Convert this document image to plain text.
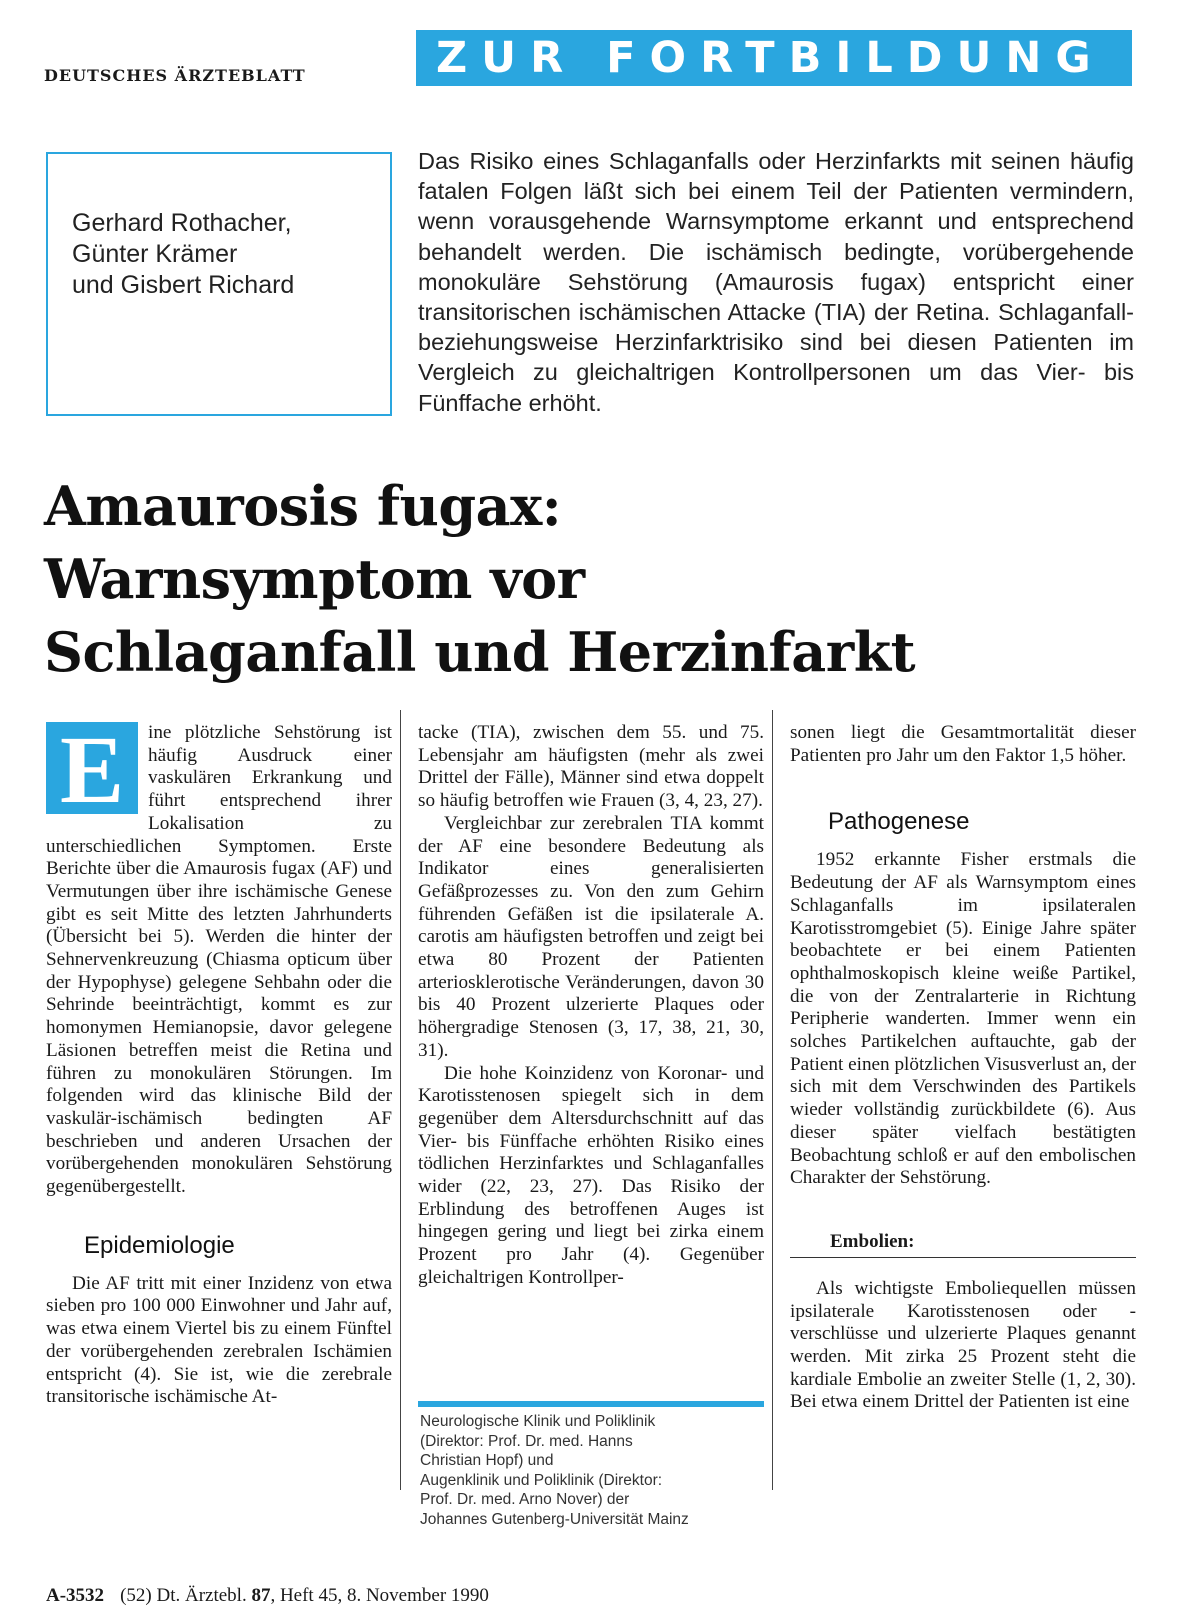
DEUTSCHES ÄRZTEBLATT	ZUR FORTBILDUNG
Gerhard Rothacher,
Günter Krämer
und Gisbert Richard
Das Risiko eines Schlaganfalls oder Herzinfarkts mit seinen häufig fatalen Folgen läßt sich bei einem Teil der Patienten vermindern, wenn vorausgehende Warnsymptome erkannt und entsprechend behandelt werden. Die ischämisch bedingte, vorübergehende monokuläre Sehstörung (Amaurosis fugax) entspricht einer transitorischen ischämischen Attacke (TIA) der Retina. Schlaganfall- beziehungsweise Herzinfarktrisiko sind bei diesen Patienten im Vergleich zu gleichaltrigen Kontrollpersonen um das Vier- bis Fünffache erhöht.
Amaurosis fugax:
Warnsymptom vor
Schlaganfall und Herzinfarkt
E	ine plötzliche Sehstörung ist häufig Ausdruck einer vaskulären Erkrankung und führt entsprechend ihrer Lokalisation zu unterschiedlichen Symptomen. Erste Berichte über die Amaurosis fugax (AF) und Vermutungen über ihre ischämische Genese gibt es seit Mitte des letzten Jahrhunderts (Übersicht bei 5). Werden die hinter der Sehnervenkreuzung (Chiasma opticum über der Hypophyse) gelegene Sehbahn oder die Sehrinde beeinträchtigt, kommt es zur homonymen Hemianopsie, davor gelegene Läsionen betreffen meist die Retina und führen zu monokulären Störungen. Im folgenden wird das klinische Bild der vaskulär-ischämisch bedingten AF beschrieben und anderen Ursachen der vorübergehenden monokulären Sehstörung gegenübergestellt.

Epidemiologie

Die AF tritt mit einer Inzidenz von etwa sieben pro 100 000 Einwohner und Jahr auf, was etwa einem Viertel bis zu einem Fünftel der vorübergehenden zerebralen Ischämien entspricht (4). Sie ist, wie die zerebrale transitorische ischämische At-

tacke (TIA), zwischen dem 55. und 75. Lebensjahr am häufigsten (mehr als zwei Drittel der Fälle), Männer sind etwa doppelt so häufig betroffen wie Frauen (3, 4, 23, 27).

Vergleichbar zur zerebralen TIA kommt der AF eine besondere Bedeutung als Indikator eines generalisierten Gefäßprozesses zu. Von den zum Gehirn führenden Gefäßen ist die ipsilaterale A. carotis am häufigsten betroffen und zeigt bei etwa 80 Prozent der Patienten arteriosklerotische Veränderungen, davon 30 bis 40 Prozent ulzerierte Plaques oder höhergradige Stenosen (3, 17, 38, 21, 30, 31).

Die hohe Koinzidenz von Koronar- und Karotisstenosen spiegelt sich in dem gegenüber dem Altersdurchschnitt auf das Vier- bis Fünffache erhöhten Risiko eines tödlichen Herzinfarktes und Schlaganfalles wider (22, 23, 27). Das Risiko der Erblindung des betroffenen Auges ist hingegen gering und liegt bei zirka einem Prozent pro Jahr (4). Gegenüber gleichaltrigen Kontrollper-

Neurologische Klinik und Poliklinik
(Direktor: Prof. Dr. med. Hanns
Christian Hopf) und
Augenklinik und Poliklinik (Direktor:
Prof. Dr. med. Arno Nover) der
Johannes Gutenberg-Universität Mainz

sonen liegt die Gesamtmortalität dieser Patienten pro Jahr um den Faktor 1,5 höher.

Pathogenese

1952 erkannte Fisher erstmals die Bedeutung der AF als Warnsymptom eines Schlaganfalls im ipsilateralen Karotisstromgebiet (5). Einige Jahre später beobachtete er bei einem Patienten ophthalmoskopisch kleine weiße Partikel, die von der Zentralarterie in Richtung Peripherie wanderten. Immer wenn ein solches Partikelchen auftauchte, gab der Patient einen plötzlichen Visusverlust an, der sich mit dem Verschwinden des Partikels wieder vollständig zurückbildete (6). Aus dieser später vielfach bestätigten Beobachtung schloß er auf den embolischen Charakter der Sehstörung.

Embolien:

Als wichtigste Emboliequellen müssen ipsilaterale Karotisstenosen oder -verschlüsse und ulzerierte Plaques genannt werden. Mit zirka 25 Prozent steht die kardiale Embolie an zweiter Stelle (1, 2, 30). Bei etwa einem Drittel der Patienten ist eine

A-3532 (52) Dt. Ärztebl. 87, Heft 45, 8. November 1990
